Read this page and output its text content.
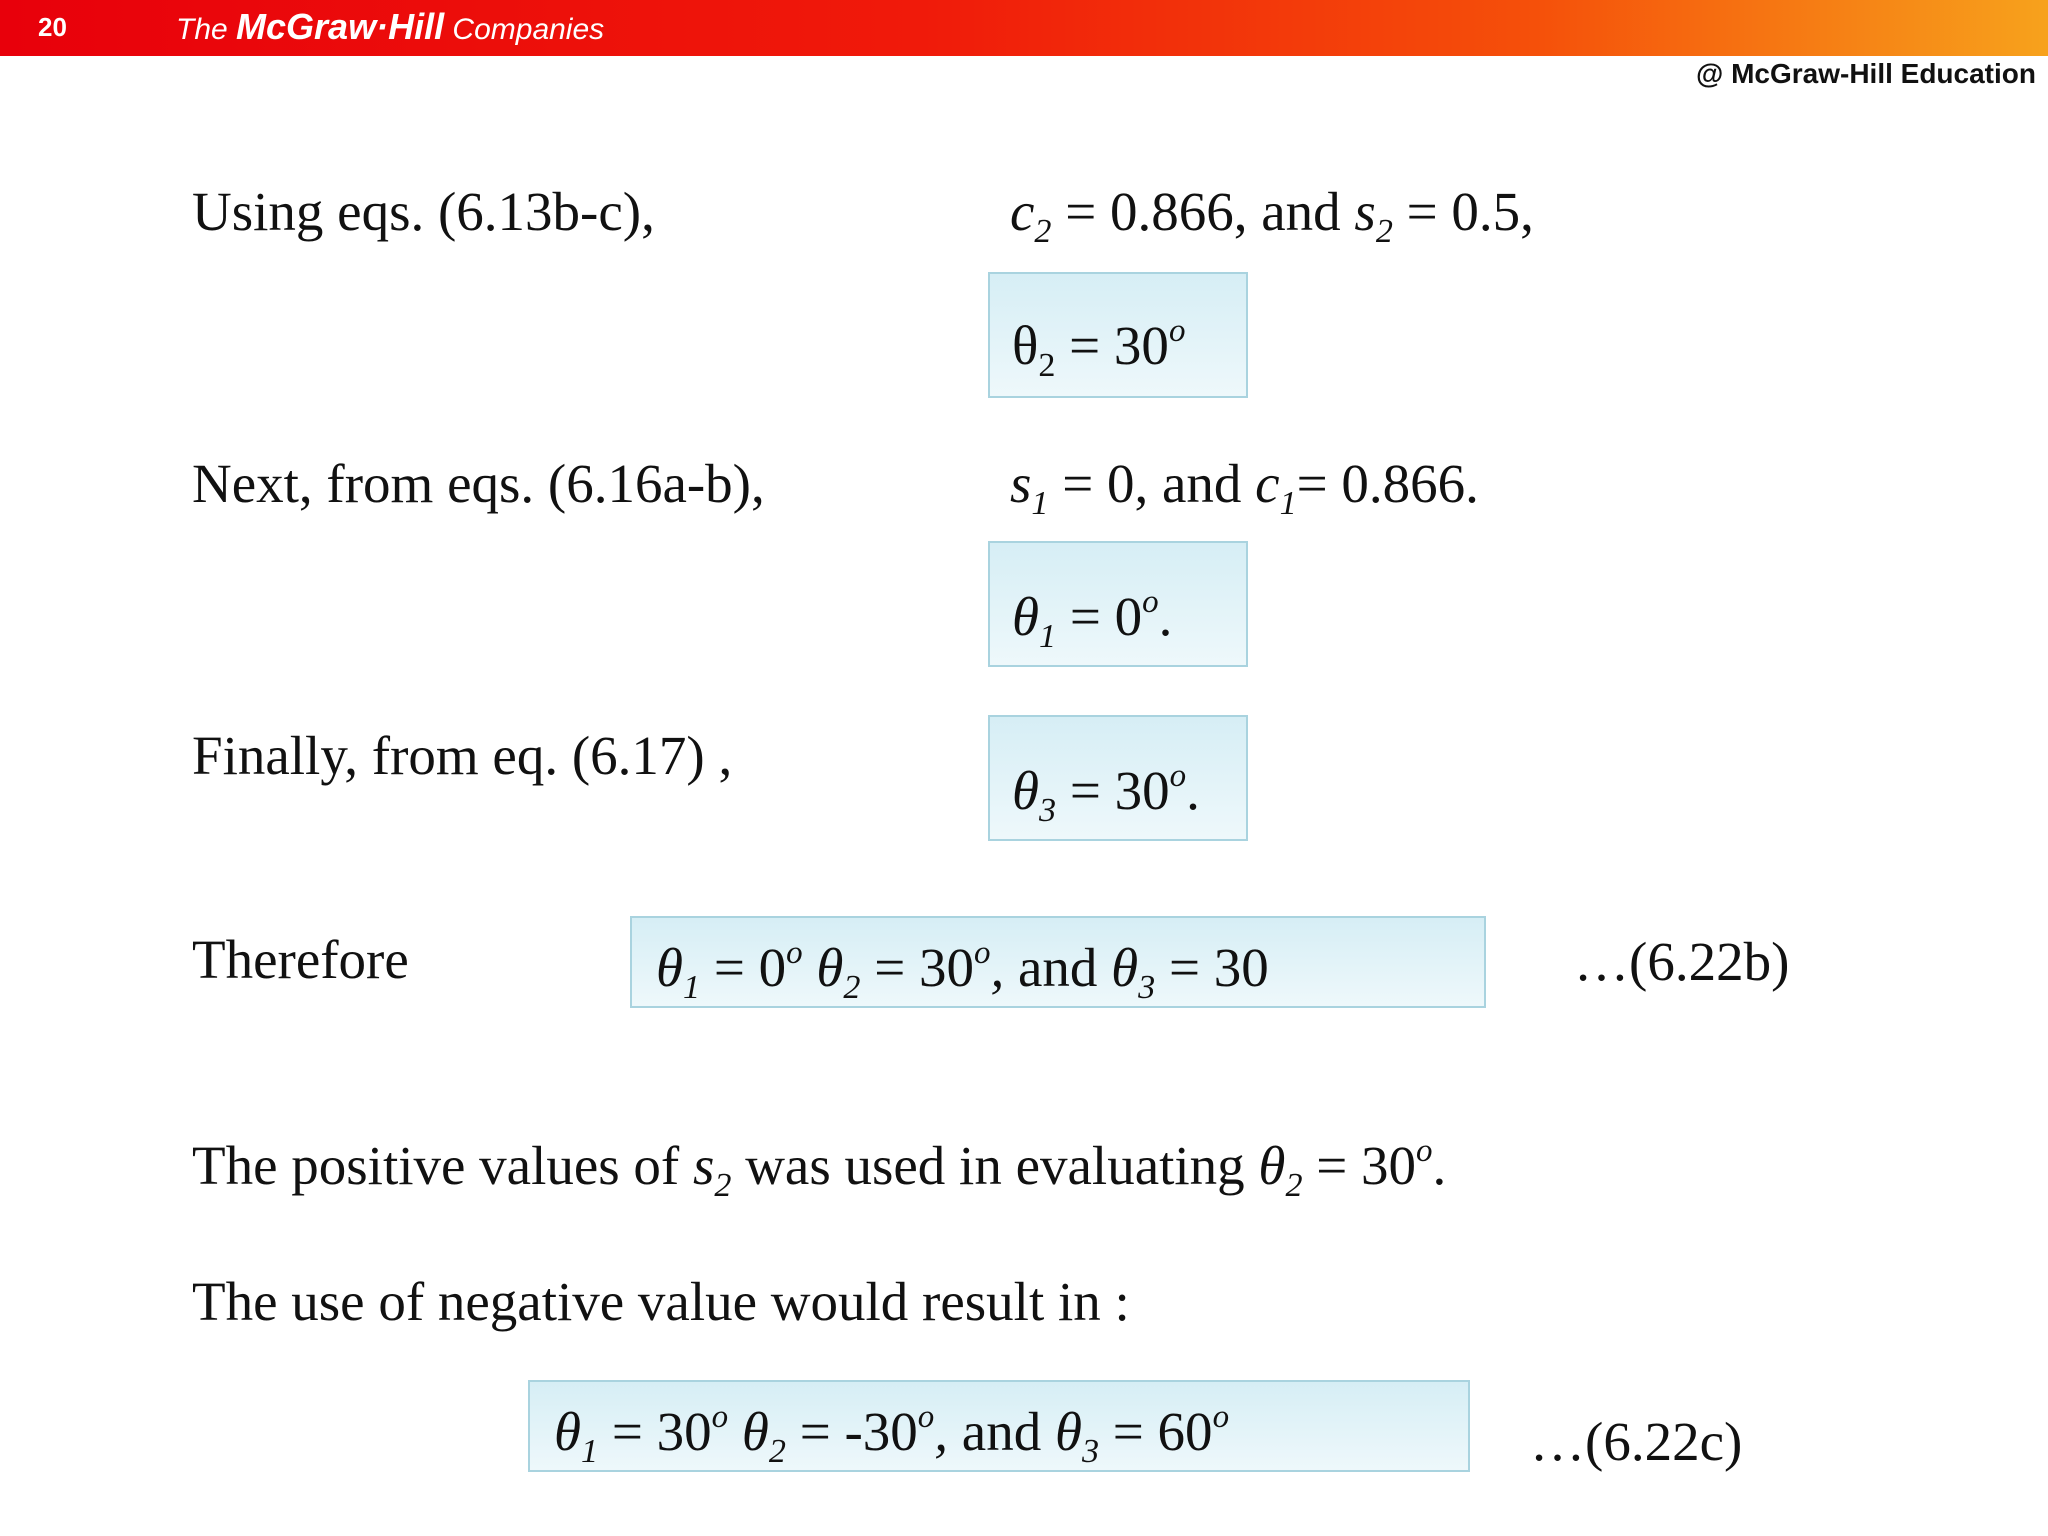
20	The McGraw·Hill Companies
@ McGraw-Hill Education
Using eqs. (6.13b-c),	$c_2 = 0.866$, and $s_2 = 0.5$,
$\theta_2 = 30^o$
Next, from eqs. (6.16a-b),	$s_1 = 0$, and $c_1= 0.866$.
$\theta_1 = 0^o$.
Finally, from eq. (6.17) ,
$\theta_3 = 30^o$.
Therefore	$\theta_1 = 0^o$ $\theta_2 = 30^o$, and $\theta_3 = 30$	…(6.22b)
The positive values of $s_2$ was used in evaluating $\theta_2 = 30^o$.
The use of negative value would result in :
$\theta_1 = 30^o$ $\theta_2 = -30^o$, and $\theta_3 = 60^o$	…(6.22c)
